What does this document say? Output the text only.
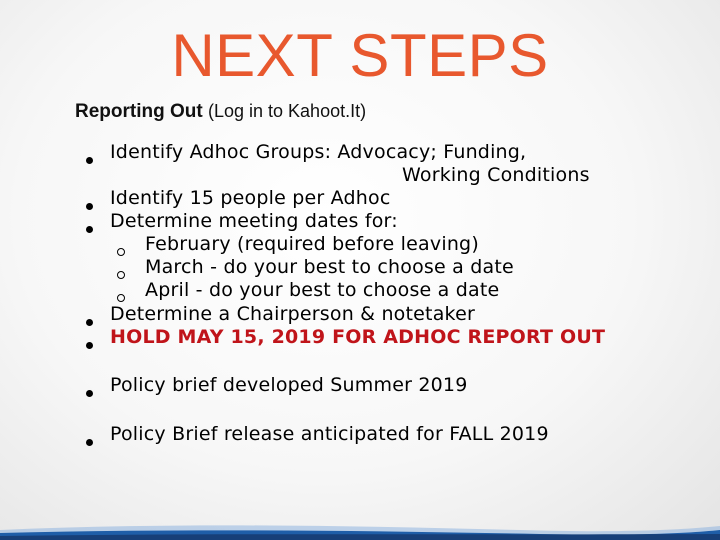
NEXT STEPS
Reporting Out (Log in to Kahoot.It)
Identify Adhoc Groups: Advocacy; Funding,
Working Conditions
Identify 15 people per Adhoc
Determine meeting dates for:
February (required before leaving)
March - do your best to choose a date
April - do your best to choose a date
Determine a Chairperson & notetaker
HOLD MAY 15, 2019 FOR ADHOC REPORT OUT
Policy brief developed Summer 2019
Policy Brief release anticipated for FALL 2019
